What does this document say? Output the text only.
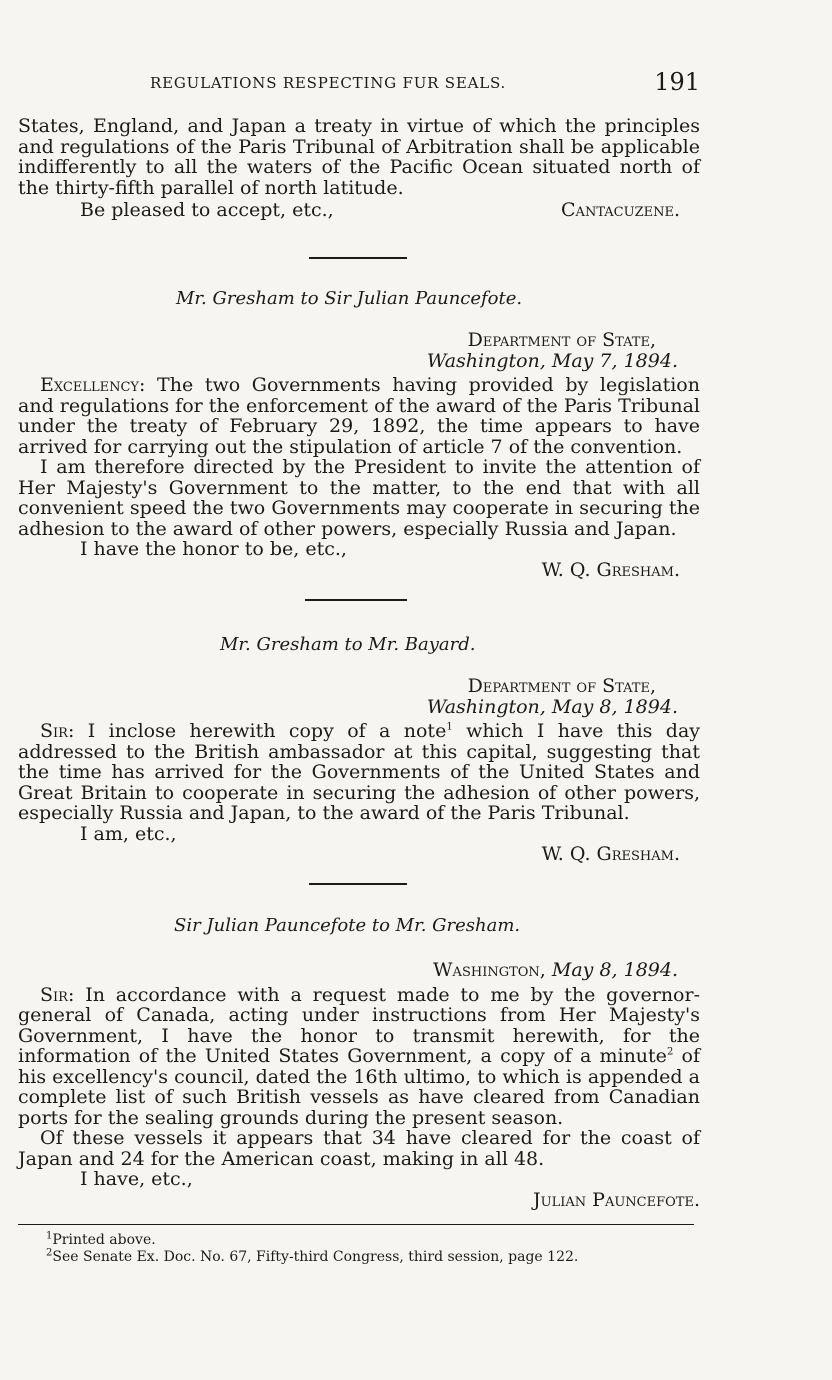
REGULATIONS RESPECTING FUR SEALS.	191

States, England, and Japan a treaty in virtue of which the principles and regulations of the Paris Tribunal of Arbitration shall be applicable indifferently to all the waters of the Pacific Ocean situated north of the thirty-fifth parallel of north latitude.

Be pleased to accept, etc.,	Cantacuzene.

Mr. Gresham to Sir Julian Pauncefote.

Department of State,

Washington, May 7, 1894.

Excellency: The two Governments having provided by legislation and regulations for the enforcement of the award of the Paris Tribunal under the treaty of February 29, 1892, the time appears to have arrived for carrying out the stipulation of article 7 of the convention.

I am therefore directed by the President to invite the attention of Her Majesty's Government to the matter, to the end that with all convenient speed the two Governments may cooperate in securing the adhesion to the award of other powers, especially Russia and Japan.

I have the honor to be, etc.,

W. Q. Gresham.

Mr. Gresham to Mr. Bayard.

Department of State,

Washington, May 8, 1894.

Sir: I inclose herewith copy of a note$^1$ which I have this day addressed to the British ambassador at this capital, suggesting that the time has arrived for the Governments of the United States and Great Britain to cooperate in securing the adhesion of other powers, especially Russia and Japan, to the award of the Paris Tribunal.

I am, etc.,

W. Q. Gresham.

Sir Julian Pauncefote to Mr. Gresham.

Washington, May 8, 1894.

Sir: In accordance with a request made to me by the governor-general of Canada, acting under instructions from Her Majesty's Government, I have the honor to transmit herewith, for the information of the United States Government, a copy of a minute$^2$ of his excellency's council, dated the 16th ultimo, to which is appended a complete list of such British vessels as have cleared from Canadian ports for the sealing grounds during the present season.

Of these vessels it appears that 34 have cleared for the coast of Japan and 24 for the American coast, making in all 48.

I have, etc.,

Julian Pauncefote.

$^1$Printed above.

$^2$See Senate Ex. Doc. No. 67, Fifty-third Congress, third session, page 122.
